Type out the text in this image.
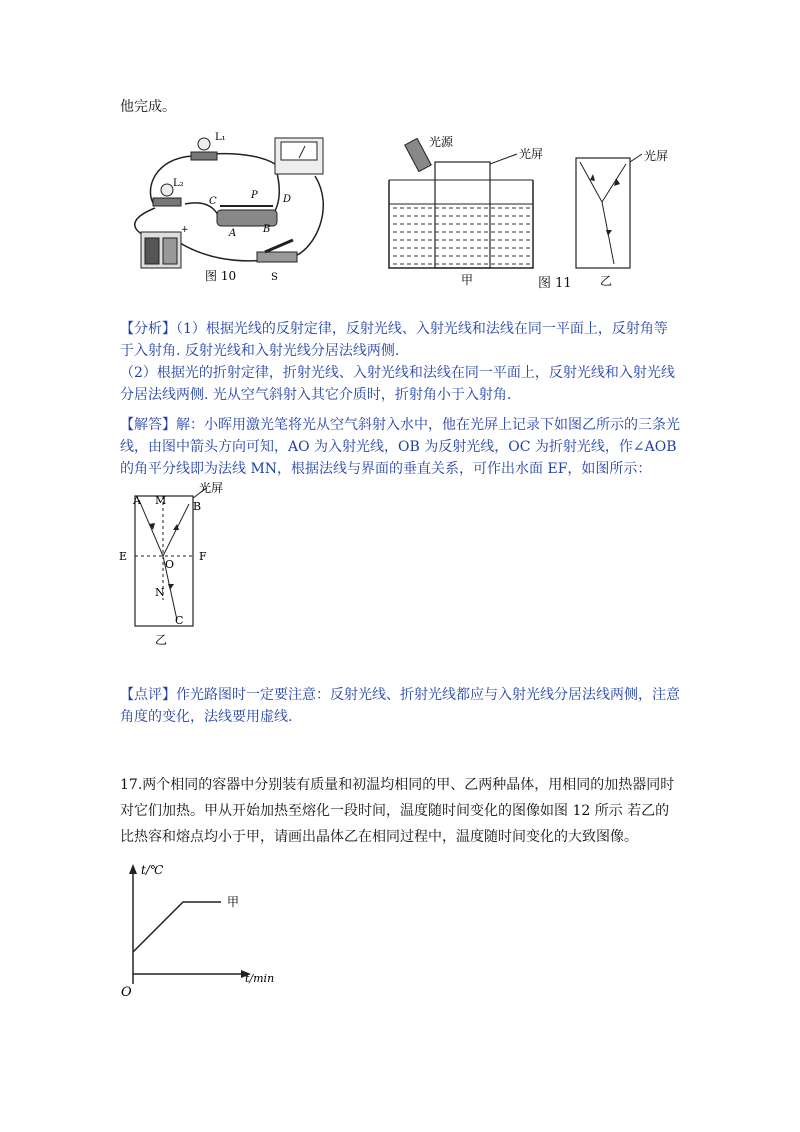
他完成。
L₁
L₂
+
C
P	D
A	B
S
图 10
光源
光屏
甲	图 11
光屏
乙
【分析】（1）根据光线的反射定律，反射光线、入射光线和法线在同一平面上，反射角等于入射角. 反射光线和入射光线分居法线两侧.
（2）根据光的折射定律，折射光线、入射光线和法线在同一平面上，反射光线和入射光线分居法线两侧. 光从空气斜射入其它介质时，折射角小于入射角.
【解答】解：小晖用激光笔将光从空气斜射入水中，他在光屏上记录下如图乙所示的三条光线，由图中箭头方向可知，AO 为入射光线，OB 为反射光线，OC 为折射光线，作∠AOB 的角平分线即为法线 MN，根据法线与界面的垂直关系，可作出水面 EF，如图所示：
光屏
A M B
E	F
O
N
C
乙
【点评】作光路图时一定要注意：反射光线、折射光线都应与入射光线分居法线两侧，注意角度的变化，法线要用虚线.
17.两个相同的容器中分别装有质量和初温均相同的甲、乙两种晶体，用相同的加热器同时对它们加热。甲从开始加热至熔化一段时间，温度随时间变化的图像如图 12 所示 若乙的比热容和熔点均小于甲，请画出晶体乙在相同过程中，温度随时间变化的大致图像。
t/℃
t/min
O
甲
